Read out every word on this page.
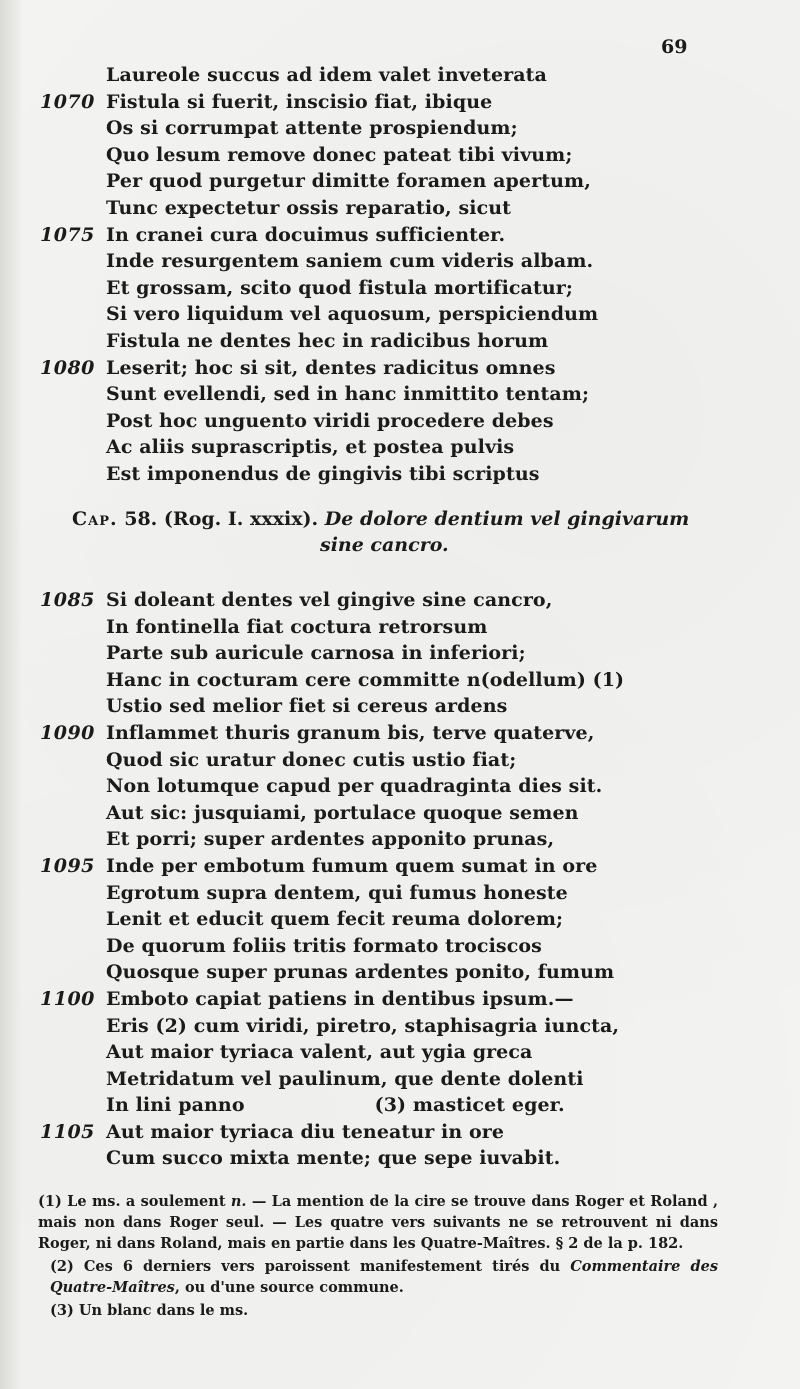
69
Laureole succus ad idem valet inveterata
1070 Fistula si fuerit, inscisio fiat, ibique
Os si corrumpat attente prospiendum;
Quo lesum remove donec pateat tibi vivum;
Per quod purgetur dimitte foramen apertum,
Tunc expectetur ossis reparatio, sicut
1075 In cranei cura docuimus sufficienter.
Inde resurgentem saniem cum videris albam.
Et grossam, scito quod fistula mortificatur;
Si vero liquidum vel aquosum, perspiciendum
Fistula ne dentes hec in radicibus horum
1080 Leserit; hoc si sit, dentes radicitus omnes
Sunt evellendi, sed in hanc inmittito tentam;
Post hoc unguento viridi procedere debes
Ac aliis suprascriptis, et postea pulvis
Est imponendus de gingivis tibi scriptus
Cap. 58. (Rog. I. xxxix). De dolore dentium vel gingivarum
sine cancro.
1085 Si doleant dentes vel gingive sine cancro,
In fontinella fiat coctura retrorsum
Parte sub auricule carnosa in inferiori;
Hanc in cocturam cere committe n(odellum) (1)
Ustio sed melior fiet si cereus ardens
1090 Inflammet thuris granum bis, terve quaterve,
Quod sic uratur donec cutis ustio fiat;
Non lotumque capud per quadraginta dies sit.
Aut sic: jusquiami, portulace quoque semen
Et porri; super ardentes apponito prunas,
1095 Inde per embotum fumum quem sumat in ore
Egrotum supra dentem, qui fumus honeste
Lenit et educit quem fecit reuma dolorem;
De quorum foliis tritis formato trociscos
Quosque super prunas ardentes ponito, fumum
1100 Emboto capiat patiens in dentibus ipsum.—
Eris (2) cum viridi, piretro, staphisagria iuncta,
Aut maior tyriaca valent, aut ygia greca
Metridatum vel paulinum, que dente dolenti
In lini panno	(3) masticet eger.
1105 Aut maior tyriaca diu teneatur in ore
Cum succo mixta mente; que sepe iuvabit.

(1) Le ms. a soulement n. — La mention de la cire se trouve dans Roger et Roland , mais non dans Roger seul. — Les quatre vers suivants ne se retrouvent ni dans Roger, ni dans Roland, mais en partie dans les Quatre-Maîtres. § 2 de la p. 182.

(2) Ces 6 derniers vers paroissent manifestement tirés du Commentaire des Quatre-Maîtres, ou d'une source commune.

(3) Un blanc dans le ms.
